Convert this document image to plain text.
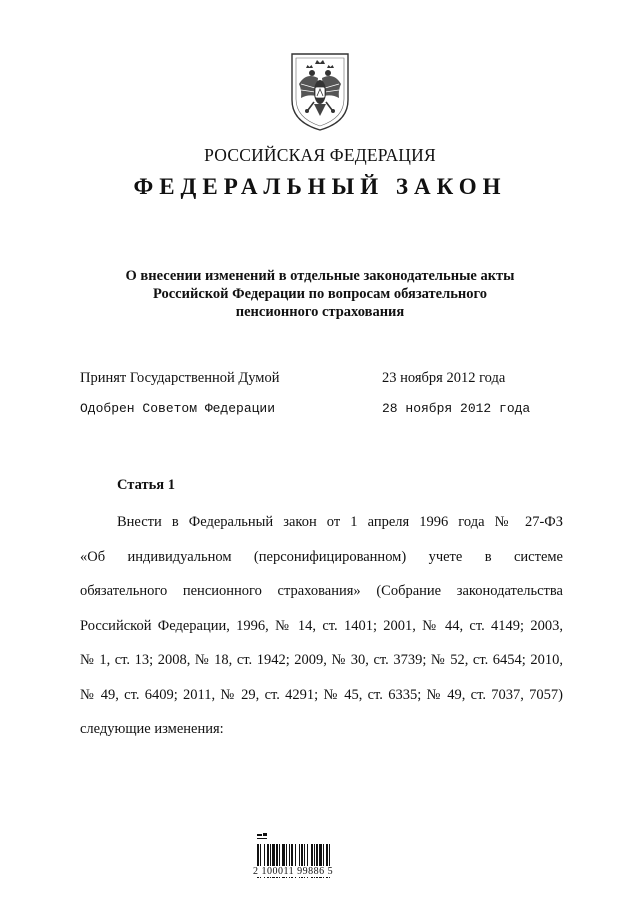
РОССИЙСКАЯ ФЕДЕРАЦИЯ
ФЕДЕРАЛЬНЫЙ ЗАКОН
О внесении изменений в отдельные законодательные акты
Российской Федерации по вопросам обязательного
пенсионного страхования
Принят Государственной Думой	23 ноября 2012 года
Одобрен Советом Федерации	28 ноября 2012 года
Статья 1
Внести в Федеральный закон от 1 апреля 1996 года № 27-ФЗ
«Об индивидуальном (персонифицированном) учете в системе
обязательного пенсионного страхования» (Собрание законодательства
Российской Федерации, 1996, № 14, ст. 1401; 2001, № 44, ст. 4149; 2003,
№ 1, ст. 13; 2008, № 18, ст. 1942; 2009, № 30, ст. 3739; № 52, ст. 6454; 2010,
№ 49, ст. 6409; 2011, № 29, ст. 4291; № 45, ст. 6335; № 49, ст. 7037, 7057)
следующие изменения:
2 100011 99886 5
